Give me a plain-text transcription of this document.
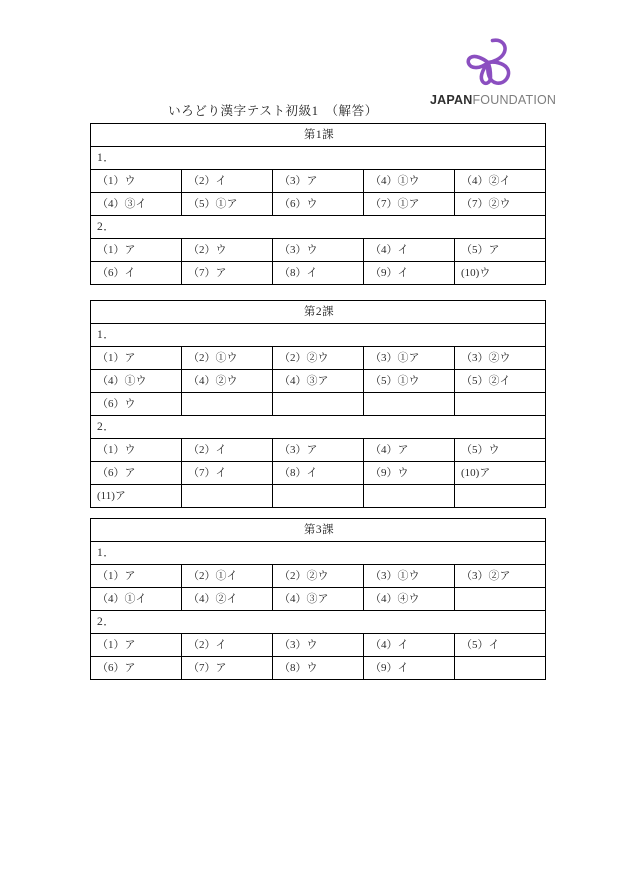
JAPANFOUNDATION
いろどり漢字テスト初級1　（解答）
第1課				
1．				
（1）ウ	（2）イ	（3）ア	（4）①ウ	（4）②イ
（4）③イ	（5）①ア	（6）ウ	（7）①ア	（7）②ウ
2．				
（1）ア	（2）ウ	（3）ウ	（4）イ	（5）ア
（6）イ	（7）ア	（8）イ	（9）イ	(10)ウ
第2課				
1．				
（1）ア	（2）①ウ	（2）②ウ	（3）①ア	（3）②ウ
（4）①ウ	（4）②ウ	（4）③ア	（5）①ウ	（5）②イ
（6）ウ				
2．				
（1）ウ	（2）イ	（3）ア	（4）ア	（5）ウ
（6）ア	（7）イ	（8）イ	（9）ウ	(10)ア
(11)ア				
第3課				
1．				
（1）ア	（2）①イ	（2）②ウ	（3）①ウ	（3）②ア
（4）①イ	（4）②イ	（4）③ア	（4）④ウ	
2．				
（1）ア	（2）イ	（3）ウ	（4）イ	（5）イ
（6）ア	（7）ア	（8）ウ	（9）イ	
